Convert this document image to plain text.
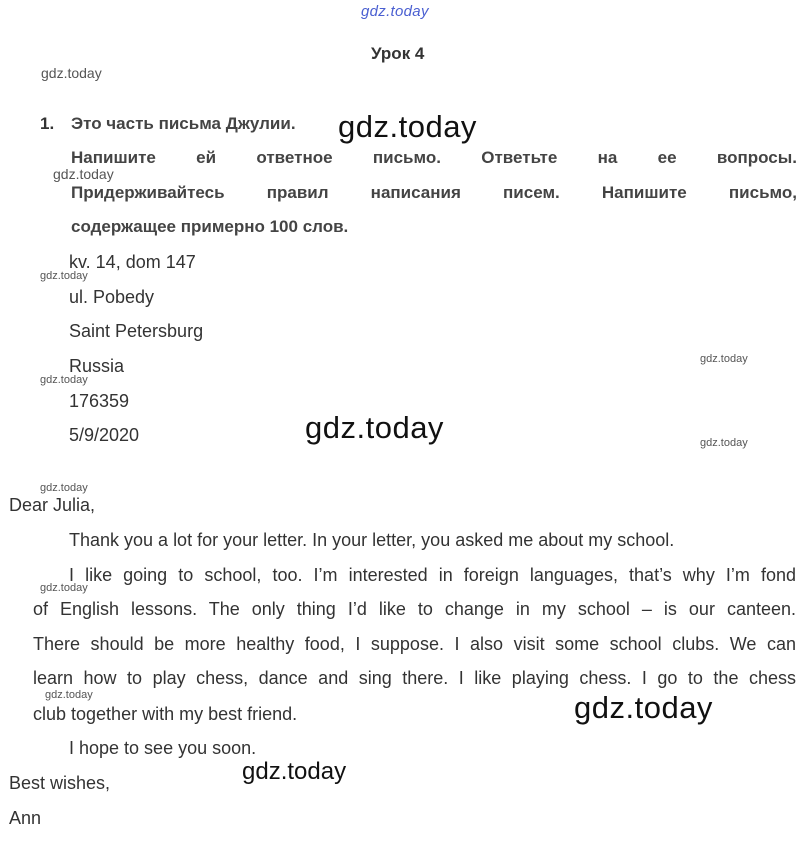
gdz.today
Урок 4
1. Это часть письма Джулии.
Напишите ей ответное письмо. Ответьте на ее вопросы.
Придерживайтесь правил написания писем. Напишите письмо,
содержащее примерно 100 слов.
kv. 14, dom 147
ul. Pobedy
Saint Petersburg
Russia
176359
5/9/2020
Dear Julia,
Thank you a lot for your letter. In your letter, you asked me about my school.
I like going to school, too. I’m interested in foreign languages, that’s why I’m fond
of English lessons. The only thing I’d like to change in my school – is our canteen.
There should be more healthy food, I suppose. I also visit some school clubs. We can
learn how to play chess, dance and sing there. I like playing chess. I go to the chess
club together with my best friend.
I hope to see you soon.
Best wishes,
Ann
gdz.today
gdz.today
gdz.today
gdz.today
gdz.today
gdz.today
gdz.today
gdz.today
gdz.today
gdz.today
gdz.today
gdz.today
gdz.today
